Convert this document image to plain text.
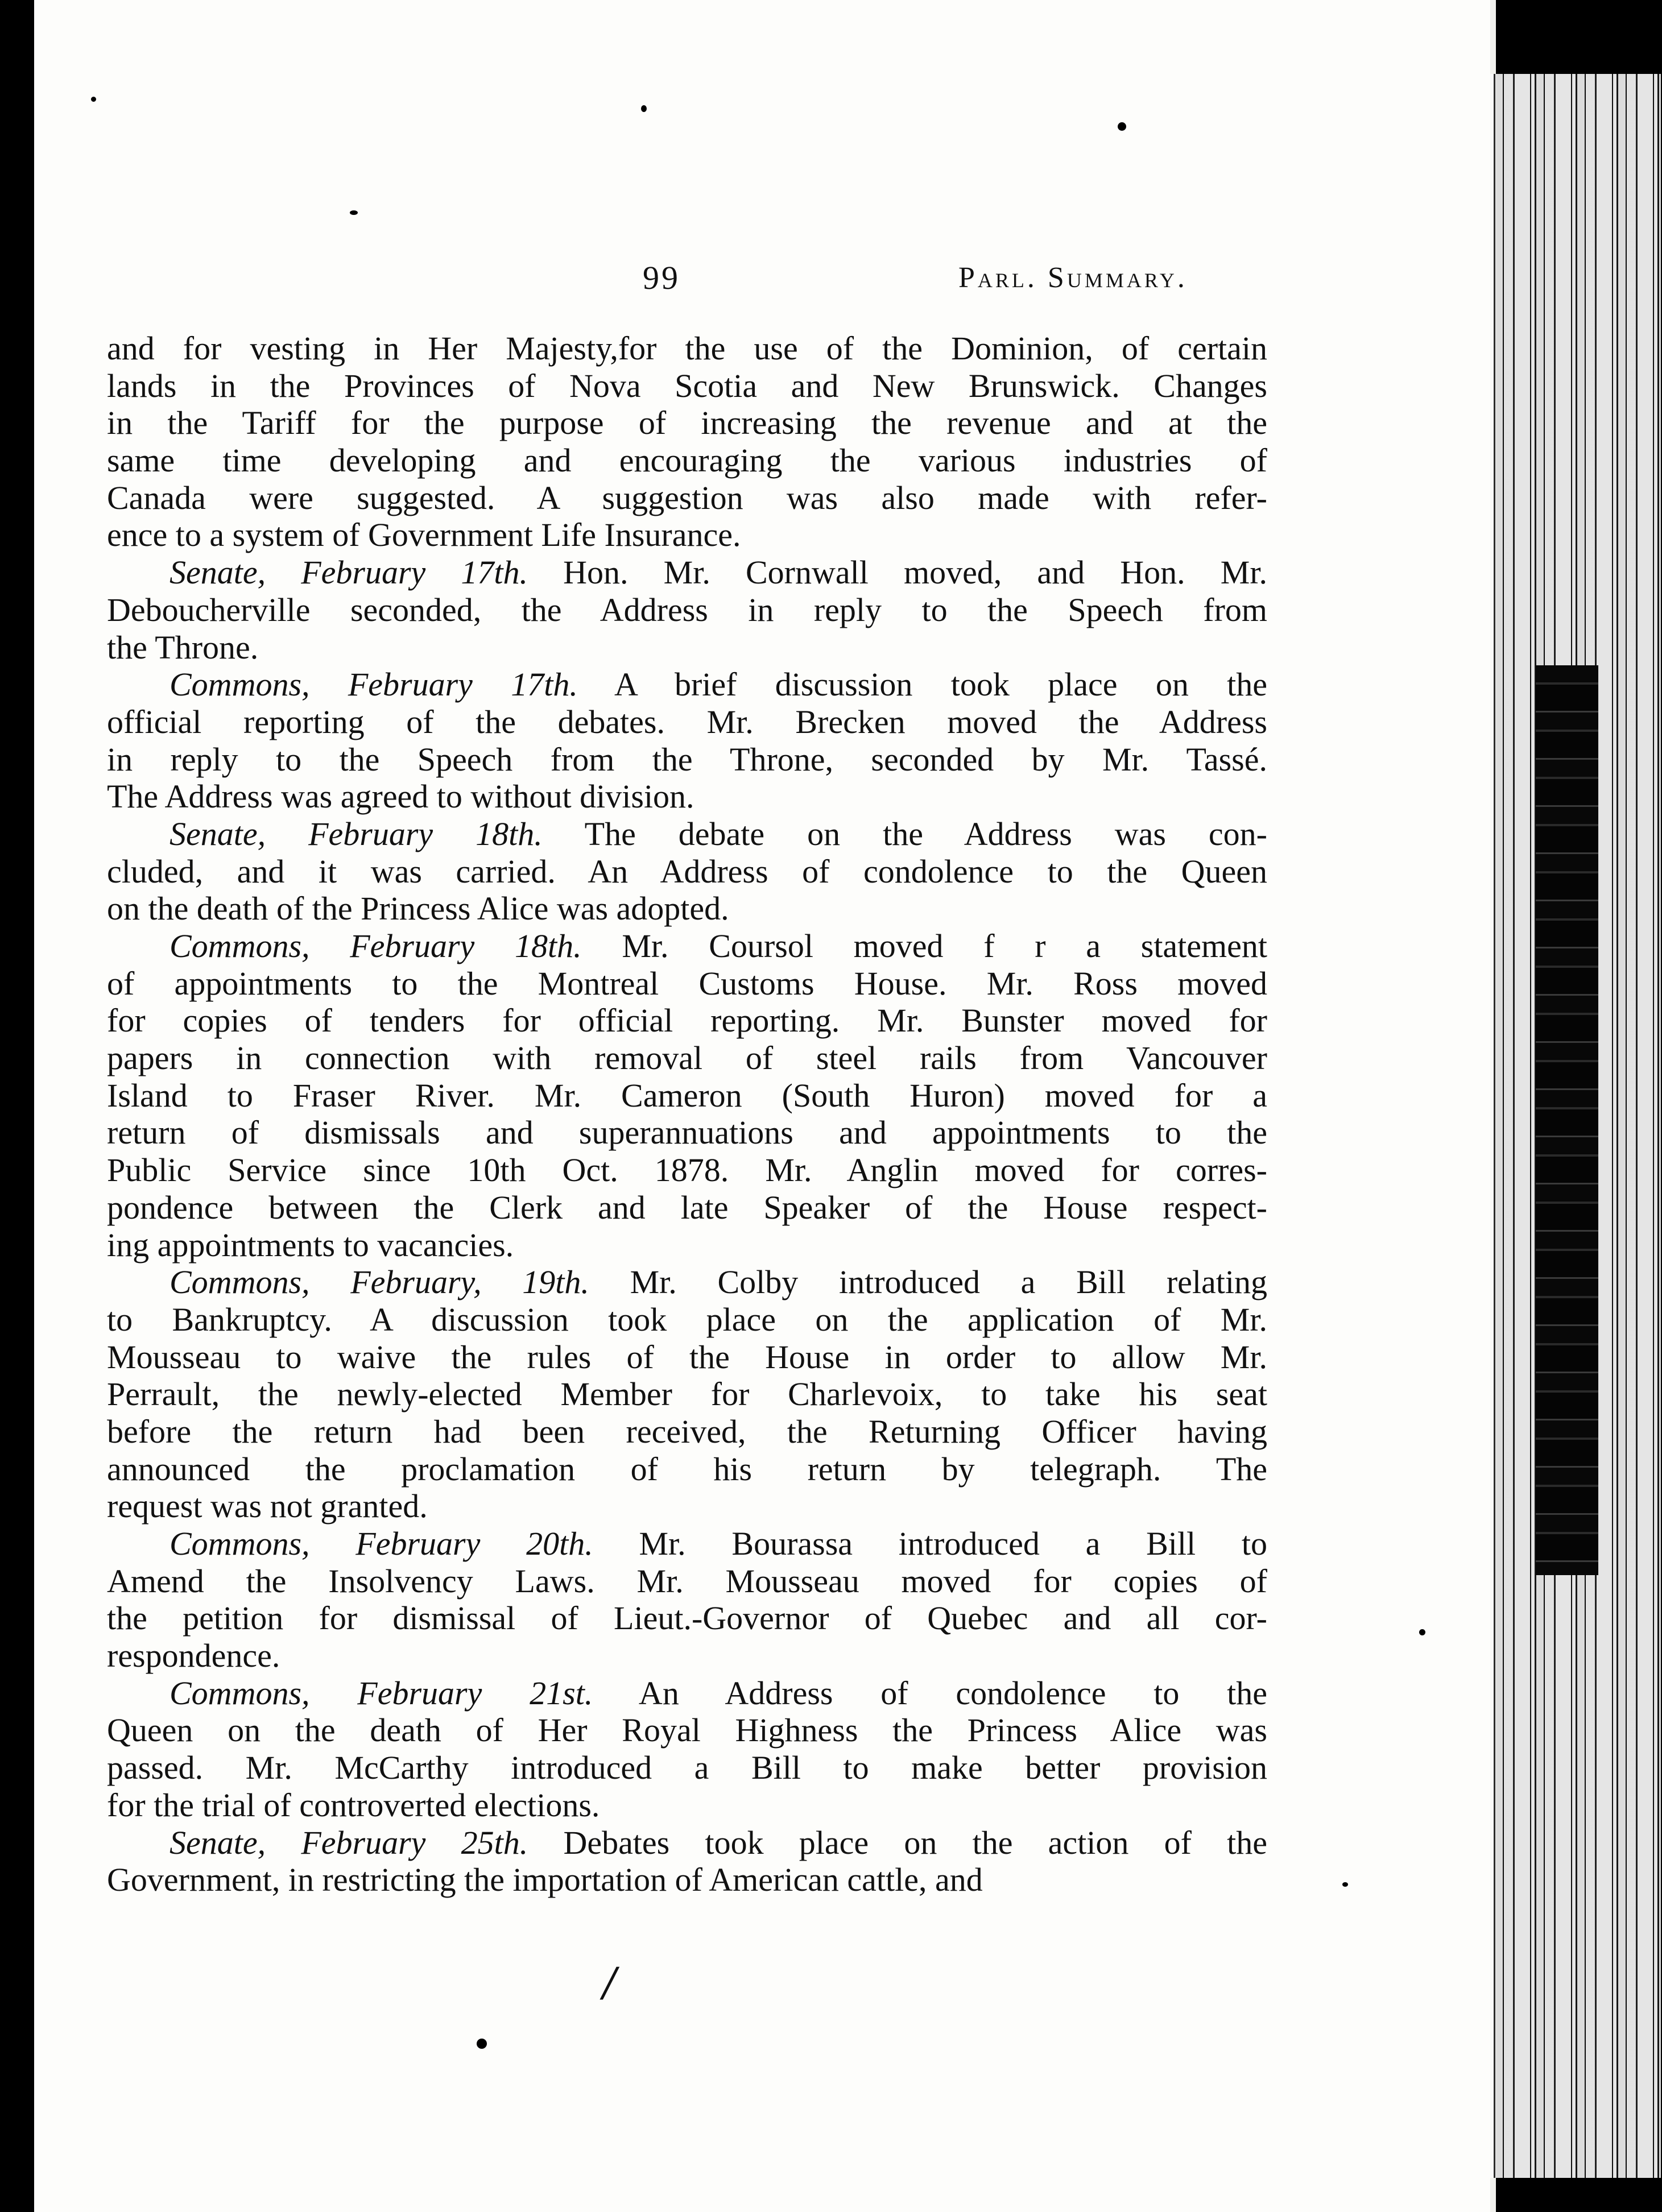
/
99	Parl. Summary.
and for vesting in Her Majesty,for the use of the Dominion, of certain
lands in the Provinces of Nova Scotia and New Brunswick. Changes
in the Tariff for the purpose of increasing the revenue and at the
same time developing and encouraging the various industries of
Canada were suggested. A suggestion was also made with refer-
ence to a system of Government Life Insurance.
Senate, February 17th. Hon. Mr. Cornwall moved, and Hon. Mr.
Deboucherville seconded, the Address in reply to the Speech from
the Throne.
Commons, February 17th. A brief discussion took place on the
official reporting of the debates. Mr. Brecken moved the Address
in reply to the Speech from the Throne, seconded by Mr. Tassé.
The Address was agreed to without division.
Senate, February 18th. The debate on the Address was con-
cluded, and it was carried. An Address of condolence to the Queen
on the death of the Princess Alice was adopted.
Commons, February 18th. Mr. Coursol moved f r a statement
of appointments to the Montreal Customs House. Mr. Ross moved
for copies of tenders for official reporting. Mr. Bunster moved for
papers in connection with removal of steel rails from Vancouver
Island to Fraser River. Mr. Cameron (South Huron) moved for a
return of dismissals and superannuations and appointments to the
Public Service since 10th Oct. 1878. Mr. Anglin moved for corres-
pondence between the Clerk and late Speaker of the House respect-
ing appointments to vacancies.
Commons, February, 19th. Mr. Colby introduced a Bill relating
to Bankruptcy. A discussion took place on the application of Mr.
Mousseau to waive the rules of the House in order to allow Mr.
Perrault, the newly-elected Member for Charlevoix, to take his seat
before the return had been received, the Returning Officer having
announced the proclamation of his return by telegraph. The
request was not granted.
Commons, February 20th. Mr. Bourassa introduced a Bill to
Amend the Insolvency Laws. Mr. Mousseau moved for copies of
the petition for dismissal of Lieut.-Governor of Quebec and all cor-
respondence.
Commons, February 21st. An Address of condolence to the
Queen on the death of Her Royal Highness the Princess Alice was
passed. Mr. McCarthy introduced a Bill to make better provision
for the trial of controverted elections.
Senate, February 25th. Debates took place on the action of the
Government, in restricting the importation of American cattle, and
